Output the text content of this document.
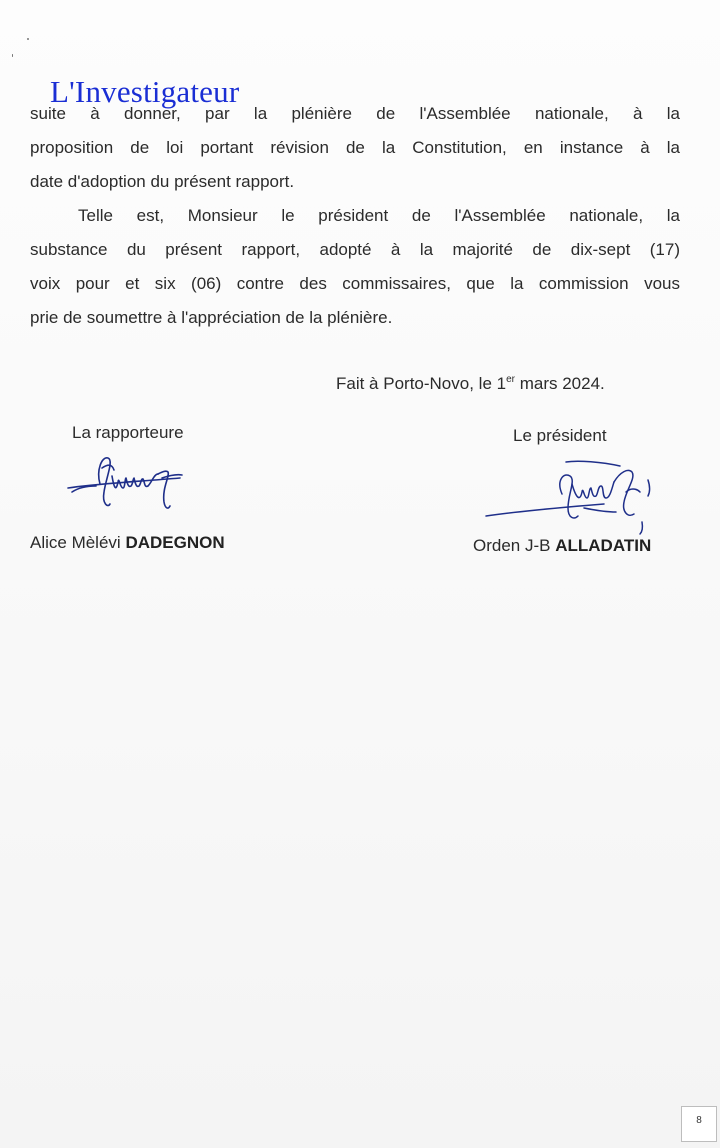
L'Investigateur

suite à donner, par la plénière de l'Assemblée nationale, à la
proposition de loi portant révision de la Constitution, en instance à la
date d'adoption du présent rapport.

Telle est, Monsieur le président de l'Assemblée nationale, la
substance du présent rapport, adopté à la majorité de dix-sept (17)
voix pour et six (06) contre des commissaires, que la commission vous
prie de soumettre à l'appréciation de la plénière.

Fait à Porto-Novo, le 1er mars 2024.
La rapporteure	Le président
Alice Mèlévi DADEGNON	Orden J-B ALLADATIN
8
